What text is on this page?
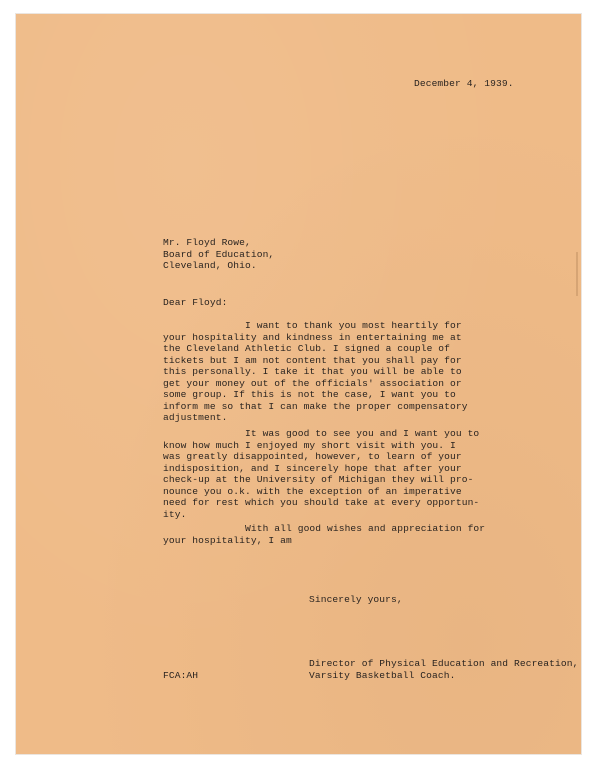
December 4, 1939.
Mr. Floyd Rowe,
Board of Education,
Cleveland, Ohio.
Dear Floyd:
I want to thank you most heartily for
your hospitality and kindness in entertaining me at
the Cleveland Athletic Club. I signed a couple of
tickets but I am not content that you shall pay for
this personally. I take it that you will be able to
get your money out of the officials' association or
some group. If this is not the case, I want you to
inform me so that I can make the proper compensatory
adjustment.
It was good to see you and I want you to
know how much I enjoyed my short visit with you. I
was greatly disappointed, however, to learn of your
indisposition, and I sincerely hope that after your
check-up at the University of Michigan they will pro-
nounce you o.k. with the exception of an imperative
need for rest which you should take at every opportun-
ity.
With all good wishes and appreciation for
your hospitality, I am
Sincerely yours,
Director of Physical Education and Recreation,
Varsity Basketball Coach.
FCA:AH
